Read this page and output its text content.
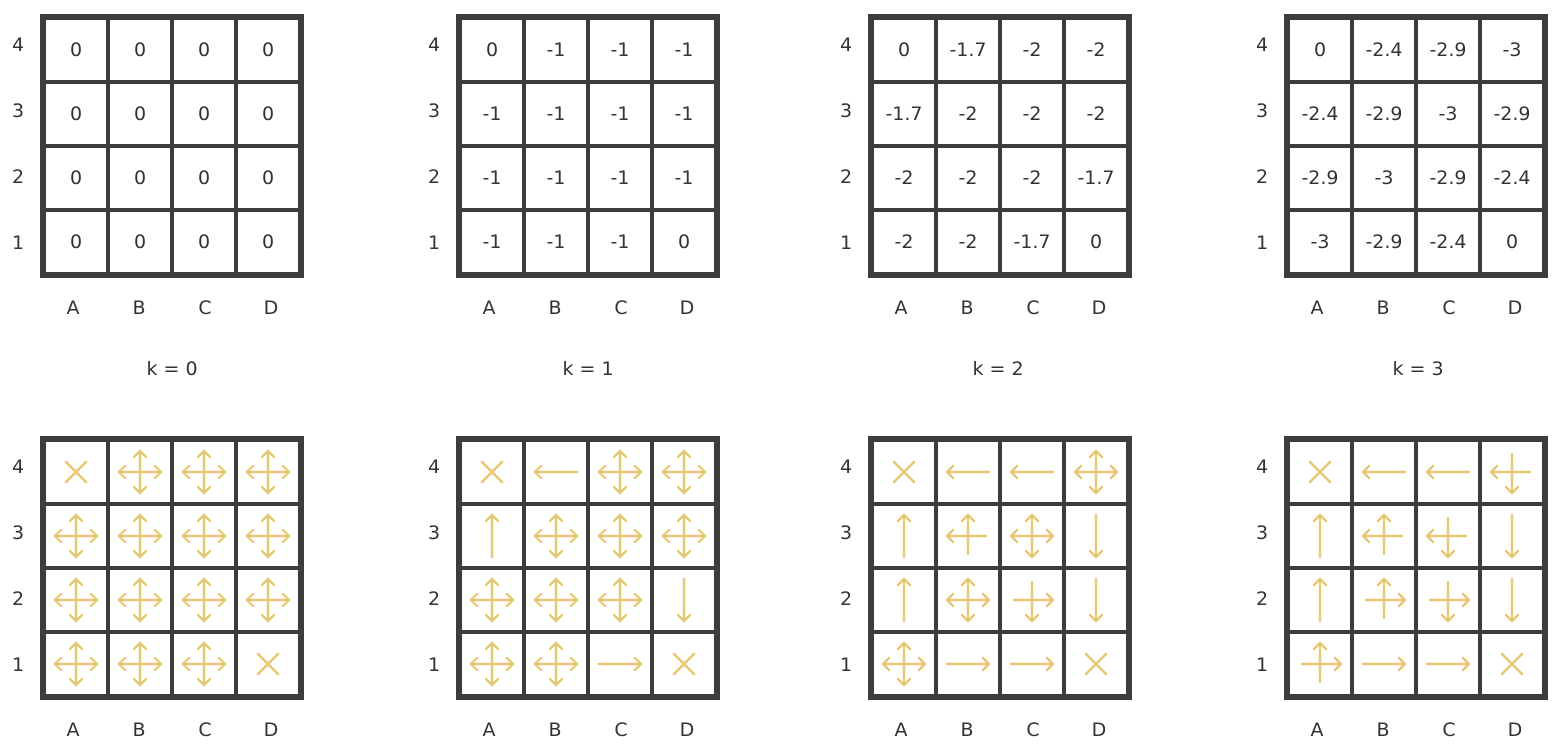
0	0	0	0
0	0	0	0
0	0	0	0
0	0	0	0
4
3
2
1
A	B	C	D
4
3
2
1
A	B	C	D
k = 0
0	-1	-1	-1
-1	-1	-1	-1
-1	-1	-1	-1
-1	-1	-1	0
4
3
2
1
A	B	C	D
4
3
2
1
A	B	C	D
k = 1
0	-1.7	-2	-2
-1.7	-2	-2	-2
-2	-2	-2	-1.7
-2	-2	-1.7	0
4
3
2
1
A	B	C	D
4
3
2
1
A	B	C	D
k = 2
0	-2.4	-2.9	-3
-2.4	-2.9	-3	-2.9
-2.9	-3	-2.9	-2.4
-3	-2.9	-2.4	0
4
3
2
1
A	B	C	D
4
3
2
1
A	B	C	D
k = 3
